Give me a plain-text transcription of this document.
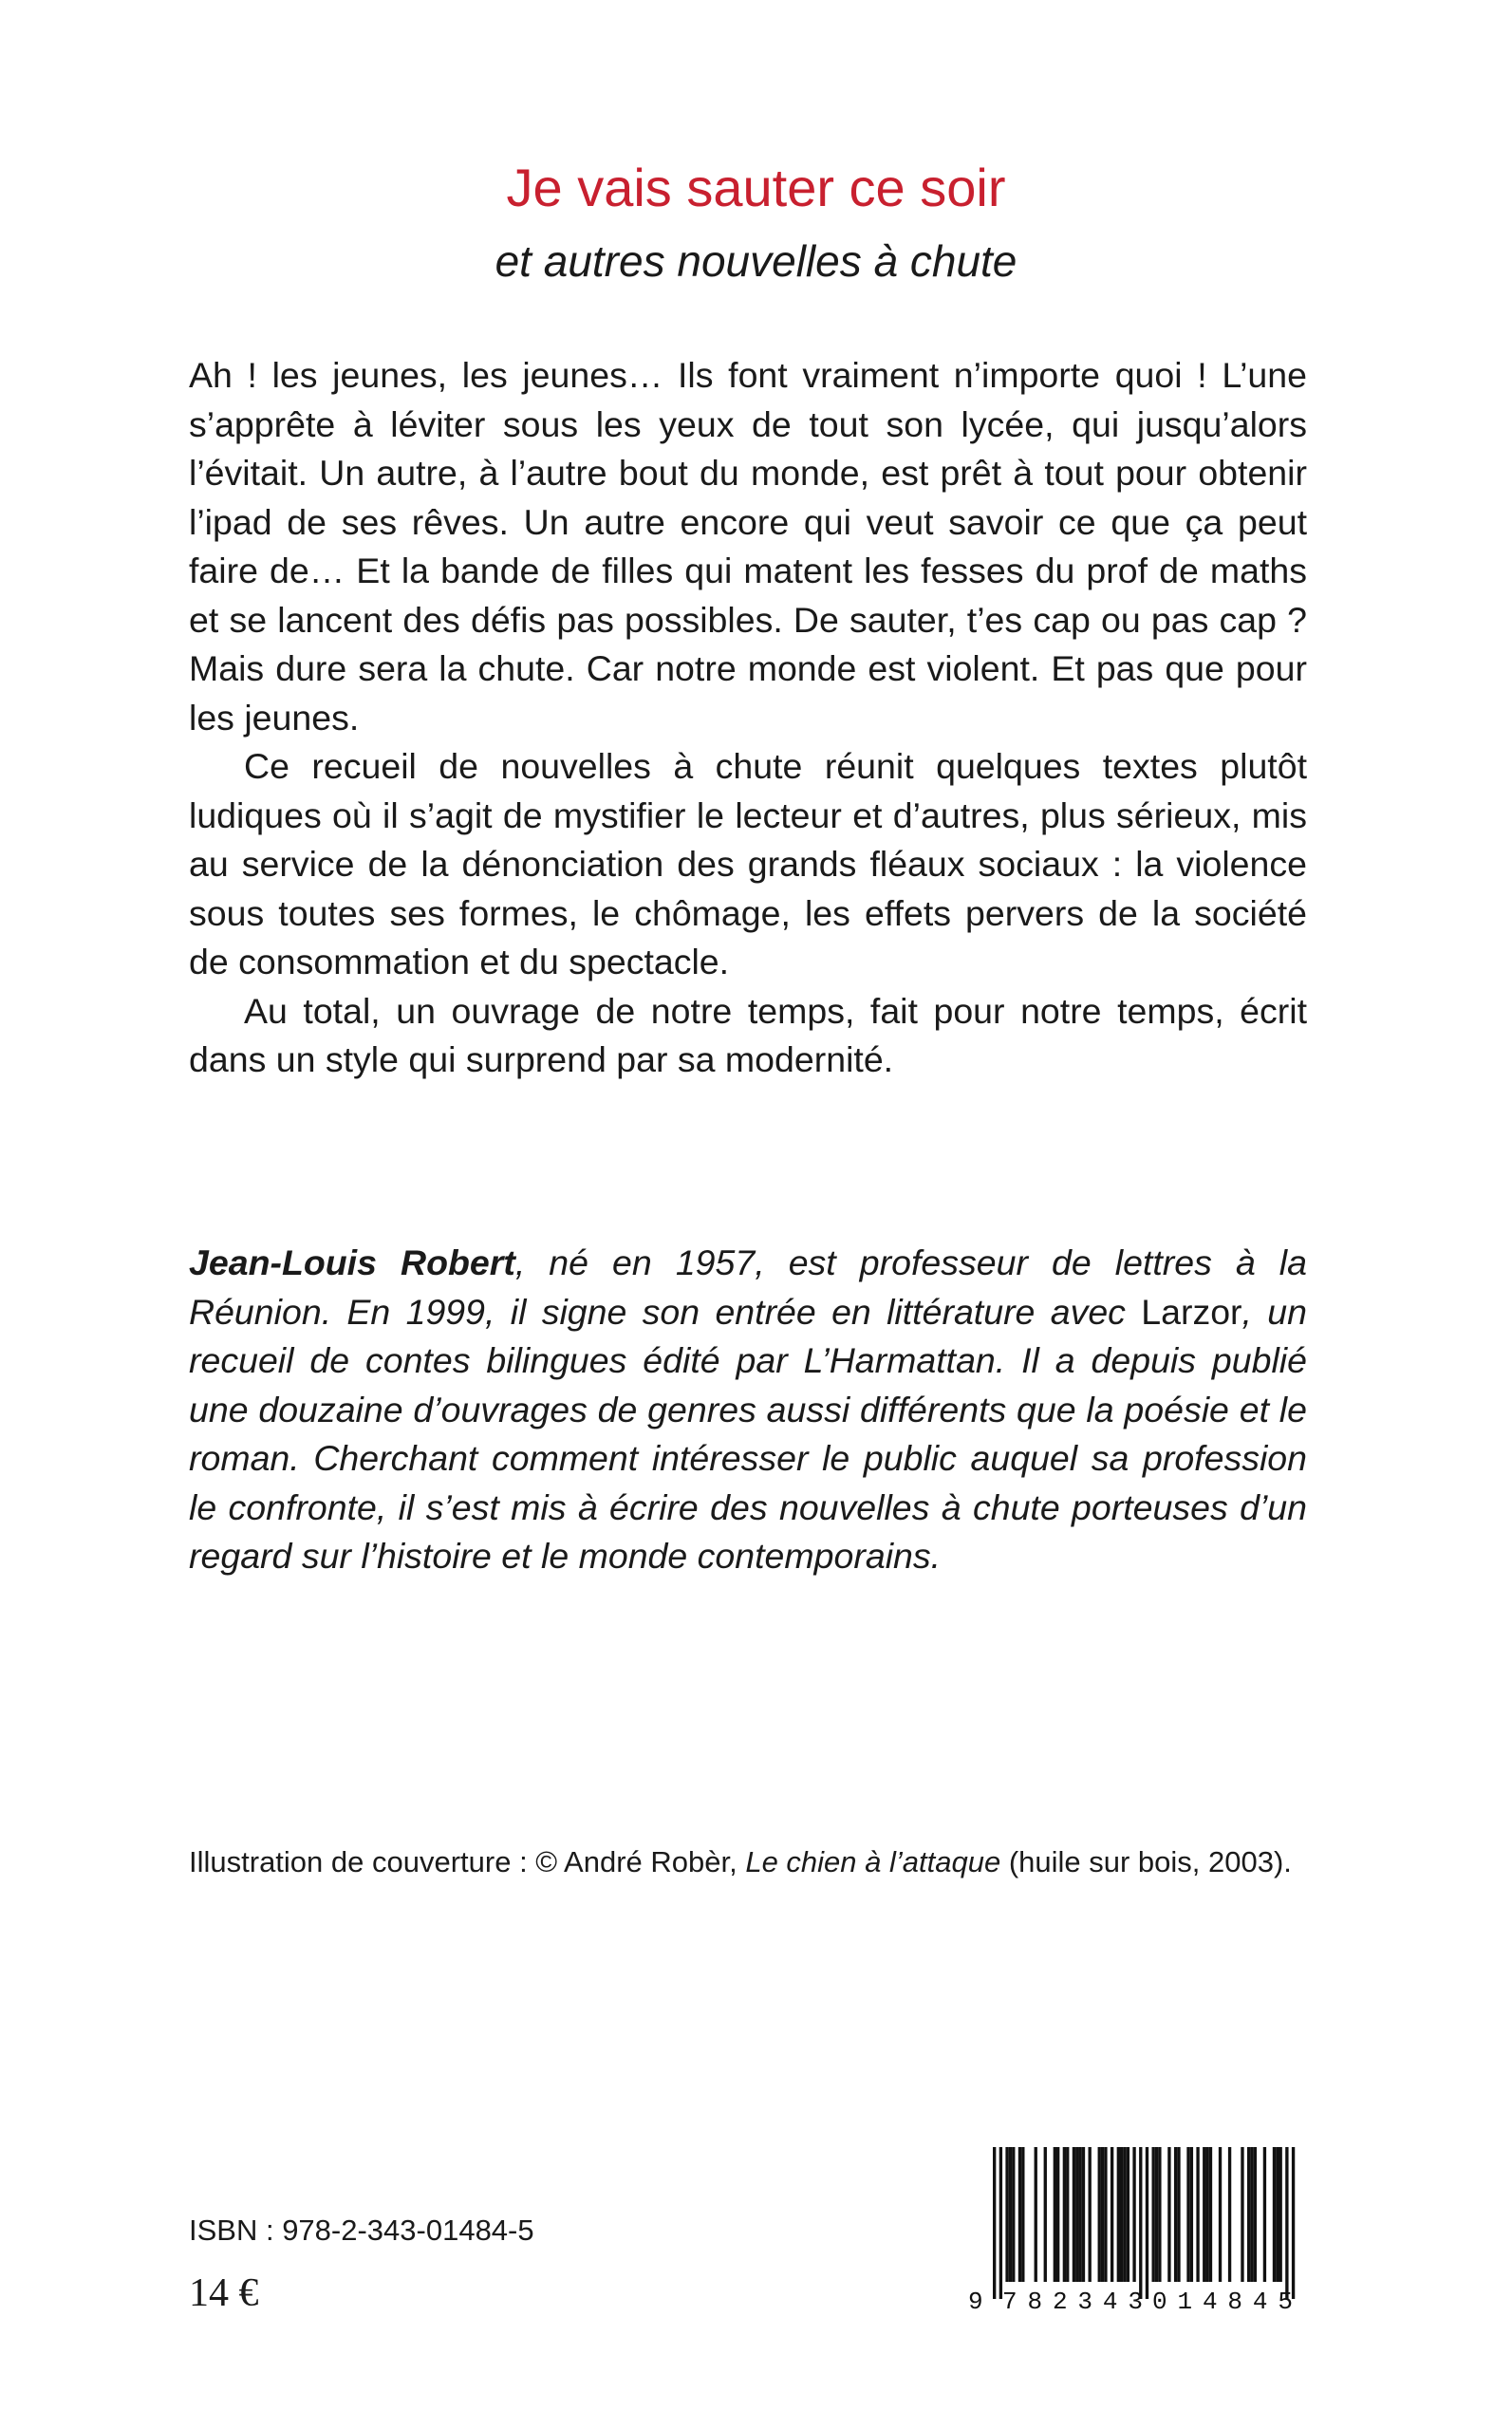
Je vais sauter ce soir
et autres nouvelles à chute

Ah ! les jeunes, les jeunes… Ils font vraiment n’importe quoi ! L’une s’apprête à léviter sous les yeux de tout son lycée, qui jusqu’alors l’évitait. Un autre, à l’autre bout du monde, est prêt à tout pour obtenir l’ipad de ses rêves. Un autre encore qui veut savoir ce que ça peut faire de… Et la bande de filles qui matent les fesses du prof de maths et se lancent des défis pas possibles. De sauter, t’es cap ou pas cap ? Mais dure sera la chute. Car notre monde est violent. Et pas que pour les jeunes.

Ce recueil de nouvelles à chute réunit quelques textes plutôt ludiques où il s’agit de mystifier le lecteur et d’autres, plus sérieux, mis au service de la dénonciation des grands fléaux sociaux : la violence sous toutes ses formes, le chômage, les effets pervers de la société de consommation et du spectacle.

Au total, un ouvrage de notre temps, fait pour notre temps, écrit dans un style qui surprend par sa modernité.

Jean-Louis Robert, né en 1957, est professeur de lettres à la Réunion. En 1999, il signe son entrée en littérature avec Larzor, un recueil de contes bilingues édité par L’Harmattan. Il a depuis publié une douzaine d’ouvrages de genres aussi différents que la poésie et le roman. Cherchant comment intéresser le public auquel sa profession le confronte, il s’est mis à écrire des nouvelles à chute porteuses d’un regard sur l’histoire et le monde contemporains.
Illustration de couverture : © André Robèr, Le chien à l’attaque (huile sur bois, 2003).
ISBN : 978-2-343-01484-5
14 €	9 782343 014845
